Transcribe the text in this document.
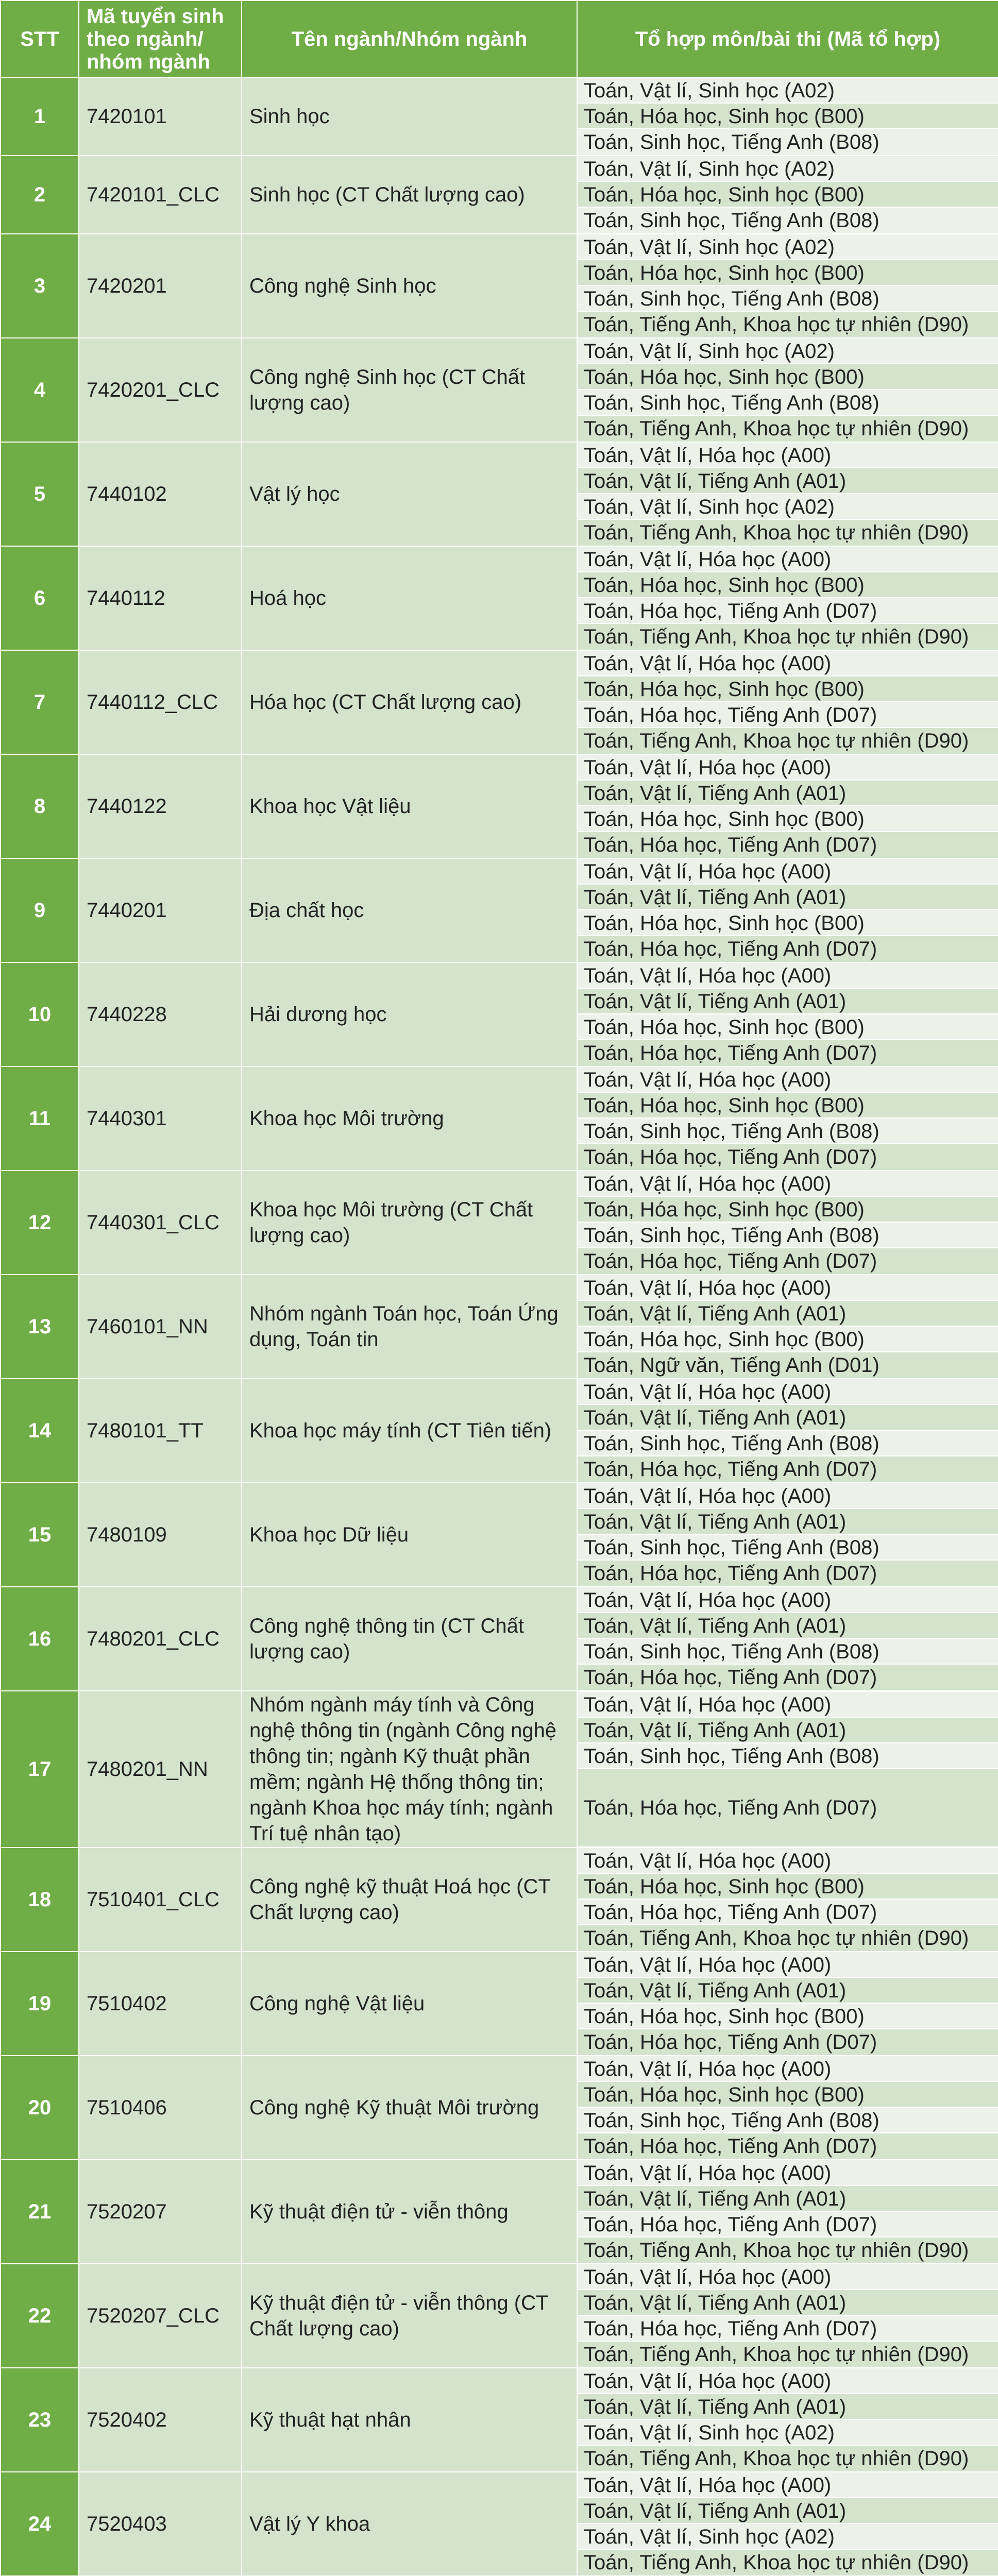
STT	Mã tuyển sinh theo ngành/ nhóm ngành	Tên ngành/Nhóm ngành	Tổ hợp môn/bài thi (Mã tổ hợp)
1	7420101	Sinh học	Toán, Vật lí, Sinh học (A02)
Toán, Hóa học, Sinh học (B00)
Toán, Sinh học, Tiếng Anh (B08)

2	7420101_CLC	Sinh học (CT Chất lượng cao)	Toán, Vật lí, Sinh học (A02)
Toán, Hóa học, Sinh học (B00)
Toán, Sinh học, Tiếng Anh (B08)

3	7420201	Công nghệ Sinh học	Toán, Vật lí, Sinh học (A02)
Toán, Hóa học, Sinh học (B00)
Toán, Sinh học, Tiếng Anh (B08)
Toán, Tiếng Anh, Khoa học tự nhiên (D90)

4	7420201_CLC	Công nghệ Sinh học (CT Chất lượng cao)	Toán, Vật lí, Sinh học (A02)
Toán, Hóa học, Sinh học (B00)
Toán, Sinh học, Tiếng Anh (B08)
Toán, Tiếng Anh, Khoa học tự nhiên (D90)

5	7440102	Vật lý học	Toán, Vật lí, Hóa học (A00)
Toán, Vật lí, Tiếng Anh (A01)
Toán, Vật lí, Sinh học (A02)
Toán, Tiếng Anh, Khoa học tự nhiên (D90)

6	7440112	Hoá học	Toán, Vật lí, Hóa học (A00)
Toán, Hóa học, Sinh học (B00)
Toán, Hóa học, Tiếng Anh (D07)
Toán, Tiếng Anh, Khoa học tự nhiên (D90)

7	7440112_CLC	Hóa học (CT Chất lượng cao)	Toán, Vật lí, Hóa học (A00)
Toán, Hóa học, Sinh học (B00)
Toán, Hóa học, Tiếng Anh (D07)
Toán, Tiếng Anh, Khoa học tự nhiên (D90)

8	7440122	Khoa học Vật liệu	Toán, Vật lí, Hóa học (A00)
Toán, Vật lí, Tiếng Anh (A01)
Toán, Hóa học, Sinh học (B00)
Toán, Hóa học, Tiếng Anh (D07)

9	7440201	Địa chất học	Toán, Vật lí, Hóa học (A00)
Toán, Vật lí, Tiếng Anh (A01)
Toán, Hóa học, Sinh học (B00)
Toán, Hóa học, Tiếng Anh (D07)

10	7440228	Hải dương học	Toán, Vật lí, Hóa học (A00)
Toán, Vật lí, Tiếng Anh (A01)
Toán, Hóa học, Sinh học (B00)
Toán, Hóa học, Tiếng Anh (D07)

11	7440301	Khoa học Môi trường	Toán, Vật lí, Hóa học (A00)
Toán, Hóa học, Sinh học (B00)
Toán, Sinh học, Tiếng Anh (B08)
Toán, Hóa học, Tiếng Anh (D07)

12	7440301_CLC	Khoa học Môi trường (CT Chất lượng cao)	Toán, Vật lí, Hóa học (A00)
Toán, Hóa học, Sinh học (B00)
Toán, Sinh học, Tiếng Anh (B08)
Toán, Hóa học, Tiếng Anh (D07)

13	7460101_NN	Nhóm ngành Toán học, Toán Ứng dụng, Toán tin	Toán, Vật lí, Hóa học (A00)
Toán, Vật lí, Tiếng Anh (A01)
Toán, Hóa học, Sinh học (B00)
Toán, Ngữ văn, Tiếng Anh (D01)

14	7480101_TT	Khoa học máy tính (CT Tiên tiến)	Toán, Vật lí, Hóa học (A00)
Toán, Vật lí, Tiếng Anh (A01)
Toán, Sinh học, Tiếng Anh (B08)
Toán, Hóa học, Tiếng Anh (D07)

15	7480109	Khoa học Dữ liệu	Toán, Vật lí, Hóa học (A00)
Toán, Vật lí, Tiếng Anh (A01)
Toán, Sinh học, Tiếng Anh (B08)
Toán, Hóa học, Tiếng Anh (D07)

16	7480201_CLC	Công nghệ thông tin (CT Chất lượng cao)	Toán, Vật lí, Hóa học (A00)
Toán, Vật lí, Tiếng Anh (A01)
Toán, Sinh học, Tiếng Anh (B08)
Toán, Hóa học, Tiếng Anh (D07)

17	7480201_NN	Nhóm ngành máy tính và Công nghệ thông tin (ngành Công nghệ thông tin; ngành Kỹ thuật phần mềm; ngành Hệ thống thông tin; ngành Khoa học máy tính; ngành Trí tuệ nhân tạo)	Toán, Vật lí, Hóa học (A00)
Toán, Vật lí, Tiếng Anh (A01)
Toán, Sinh học, Tiếng Anh (B08)
Toán, Hóa học, Tiếng Anh (D07)

18	7510401_CLC	Công nghệ kỹ thuật Hoá học (CT Chất lượng cao)	Toán, Vật lí, Hóa học (A00)
Toán, Hóa học, Sinh học (B00)
Toán, Hóa học, Tiếng Anh (D07)
Toán, Tiếng Anh, Khoa học tự nhiên (D90)

19	7510402	Công nghệ Vật liệu	Toán, Vật lí, Hóa học (A00)
Toán, Vật lí, Tiếng Anh (A01)
Toán, Hóa học, Sinh học (B00)
Toán, Hóa học, Tiếng Anh (D07)

20	7510406	Công nghệ Kỹ thuật Môi trường	Toán, Vật lí, Hóa học (A00)
Toán, Hóa học, Sinh học (B00)
Toán, Sinh học, Tiếng Anh (B08)
Toán, Hóa học, Tiếng Anh (D07)

21	7520207	Kỹ thuật điện tử - viễn thông	Toán, Vật lí, Hóa học (A00)
Toán, Vật lí, Tiếng Anh (A01)
Toán, Hóa học, Tiếng Anh (D07)
Toán, Tiếng Anh, Khoa học tự nhiên (D90)

22	7520207_CLC	Kỹ thuật điện tử - viễn thông (CT Chất lượng cao)	Toán, Vật lí, Hóa học (A00)
Toán, Vật lí, Tiếng Anh (A01)
Toán, Hóa học, Tiếng Anh (D07)
Toán, Tiếng Anh, Khoa học tự nhiên (D90)

23	7520402	Kỹ thuật hạt nhân	Toán, Vật lí, Hóa học (A00)
Toán, Vật lí, Tiếng Anh (A01)
Toán, Vật lí, Sinh học (A02)
Toán, Tiếng Anh, Khoa học tự nhiên (D90)

24	7520403	Vật lý Y khoa	Toán, Vật lí, Hóa học (A00)
Toán, Vật lí, Tiếng Anh (A01)
Toán, Vật lí, Sinh học (A02)
Toán, Tiếng Anh, Khoa học tự nhiên (D90)
